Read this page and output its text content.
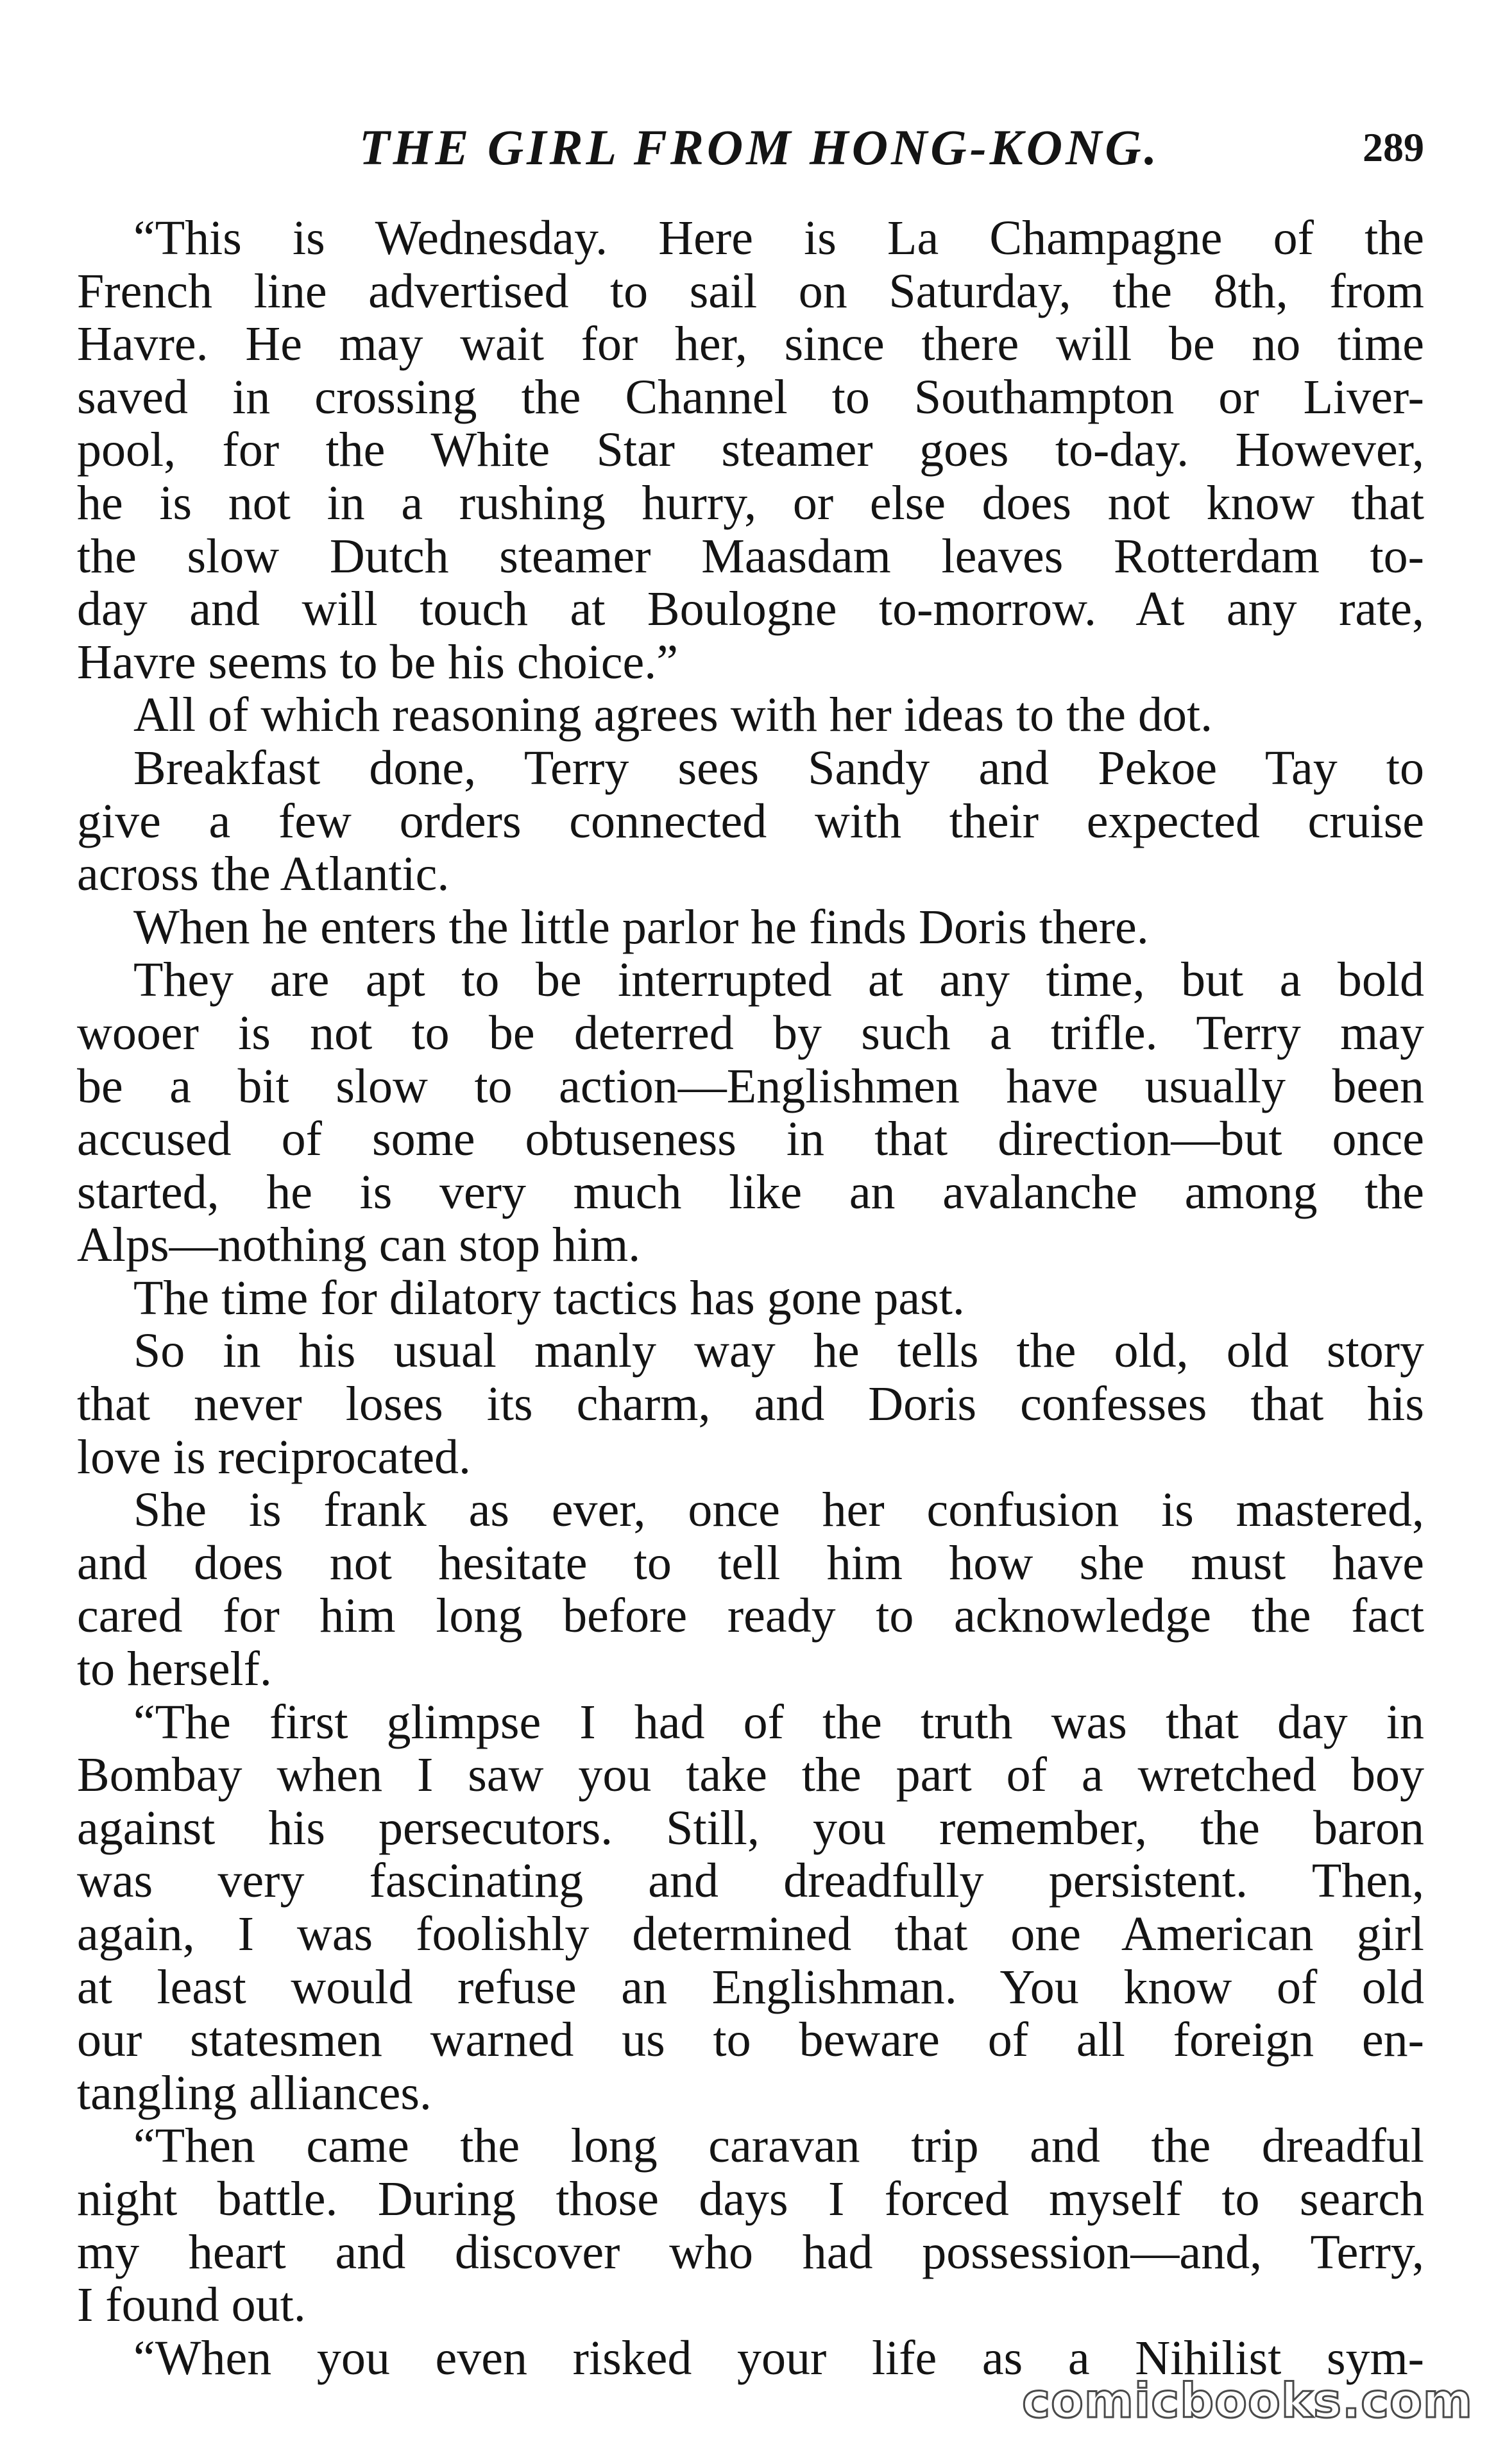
THE GIRL FROM HONG-KONG.	289
“This is Wednesday. Here is La Champagne of the
French line advertised to sail on Saturday, the 8th, from
Havre. He may wait for her, since there will be no time
saved in crossing the Channel to Southampton or Liver-
pool, for the White Star steamer goes to-day. However,
he is not in a rushing hurry, or else does not know that
the slow Dutch steamer Maasdam leaves Rotterdam to-
day and will touch at Boulogne to-morrow. At any rate,
Havre seems to be his choice.”
All of which reasoning agrees with her ideas to the dot.
Breakfast done, Terry sees Sandy and Pekoe Tay to
give a few orders connected with their expected cruise
across the Atlantic.
When he enters the little parlor he finds Doris there.
They are apt to be interrupted at any time, but a bold
wooer is not to be deterred by such a trifle. Terry may
be a bit slow to action—Englishmen have usually been
accused of some obtuseness in that direction—but once
started, he is very much like an avalanche among the
Alps—nothing can stop him.
The time for dilatory tactics has gone past.
So in his usual manly way he tells the old, old story
that never loses its charm, and Doris confesses that his
love is reciprocated.
She is frank as ever, once her confusion is mastered,
and does not hesitate to tell him how she must have
cared for him long before ready to acknowledge the fact
to herself.
“The first glimpse I had of the truth was that day in
Bombay when I saw you take the part of a wretched boy
against his persecutors. Still, you remember, the baron
was very fascinating and dreadfully persistent. Then,
again, I was foolishly determined that one American girl
at least would refuse an Englishman. You know of old
our statesmen warned us to beware of all foreign en-
tangling alliances.
“Then came the long caravan trip and the dreadful
night battle. During those days I forced myself to search
my heart and discover who had possession—and, Terry,
I found out.
“When you even risked your life as a Nihilist sym-
comicbooks.com
